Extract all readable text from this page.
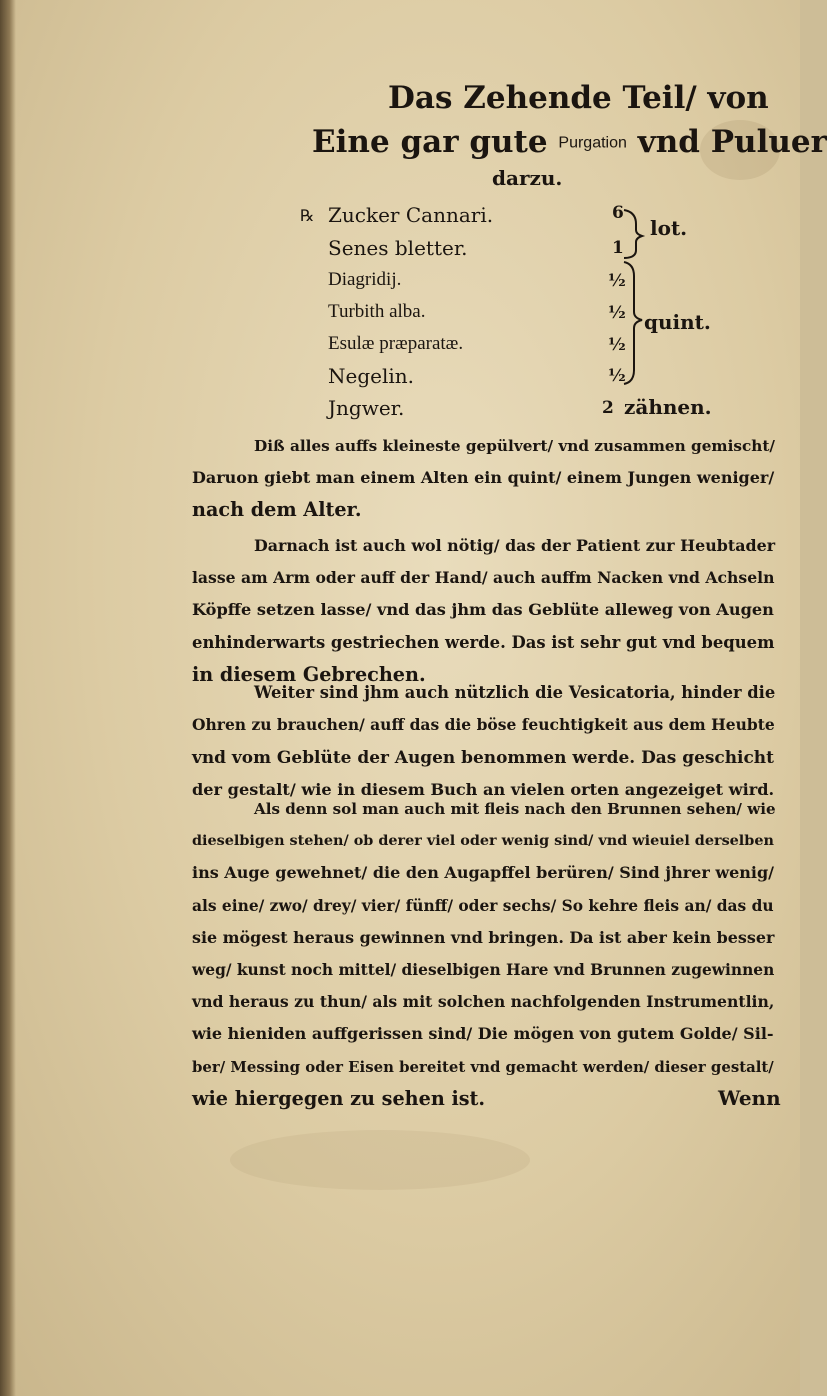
Das Zehende Teil/ von
Eine gar gute Purgation vnd Puluer
darzu.
℞ Zucker Cannari.
Senes bletter.
Diagridij.
Turbith alba.
Esulæ præparatæ.
Negelin.
Jngwer.
6
1
½
½
½
½
2
lot.
quint.
zähnen.
Diß alles auffs kleineste gepülvert/ vnd zusammen gemischt/
Daruon giebt man einem Alten ein quint/ einem Jungen weniger/
nach dem Alter.
Darnach ist auch wol nötig/ das der Patient zur Heubtader
lasse am Arm oder auff der Hand/ auch auffm Nacken vnd Achseln
Köpffe setzen lasse/ vnd das jhm das Geblüte alleweg von Augen
enhinderwarts gestriechen werde. Das ist sehr gut vnd bequem
in diesem Gebrechen.
Weiter sind jhm auch nützlich die Vesicatoria, hinder die
Ohren zu brauchen/ auff das die böse feuchtigkeit aus dem Heubte
vnd vom Geblüte der Augen benommen werde. Das geschicht
der gestalt/ wie in diesem Buch an vielen orten angezeiget wird.
Als denn sol man auch mit fleis nach den Brunnen sehen/ wie
dieselbigen stehen/ ob derer viel oder wenig sind/ vnd wieuiel derselben
ins Auge gewehnet/ die den Augapffel berüren/ Sind jhrer wenig/
als eine/ zwo/ drey/ vier/ fünff/ oder sechs/ So kehre fleis an/ das du
sie mögest heraus gewinnen vnd bringen. Da ist aber kein besser
weg/ kunst noch mittel/ dieselbigen Hare vnd Brunnen zugewinnen
vnd heraus zu thun/ als mit solchen nachfolgenden Instrumentlin,
wie hieniden auffgerissen sind/ Die mögen von gutem Golde/ Sil-
ber/ Messing oder Eisen bereitet vnd gemacht werden/ dieser gestalt/
wie hiergegen zu sehen ist.	Wenn
